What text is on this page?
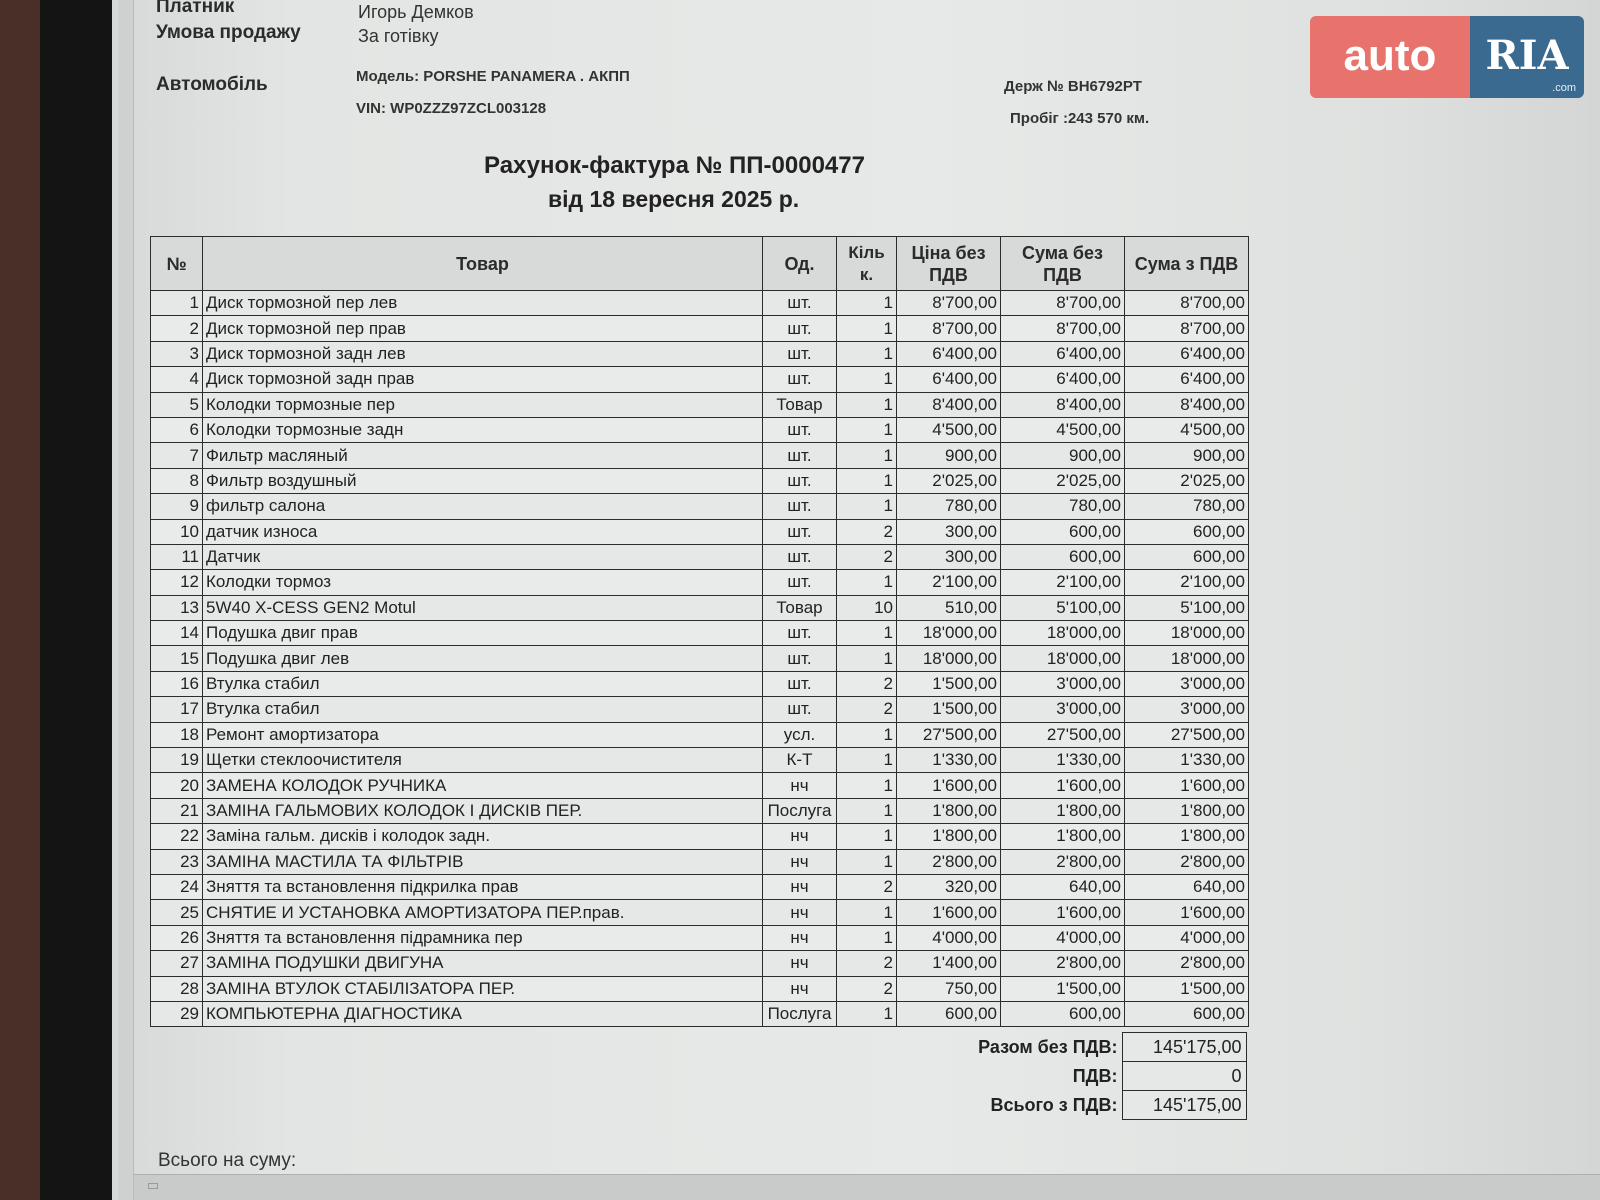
Платник	Игорь Демков
Умова продажу	За готівку
Автомобіль	Модель: PORSHE PANAMERA . АКПП
VIN: WP0ZZZ97ZCL003128
Держ № ВН6792РТ
Пробіг :243 570 км.
auto	RIA
.com
Рахунок-фактура № ПП-0000477
від 18 вересня 2025 р.
№	Товар	Од.	Кіль к.	Ціна без ПДВ	Сума без ПДВ	Сума з ПДВ
1	Диск тормозной пер лев	шт.	1	8'700,00	8'700,00	8'700,00
2	Диск тормозной пер прав	шт.	1	8'700,00	8'700,00	8'700,00
3	Диск тормозной задн лев	шт.	1	6'400,00	6'400,00	6'400,00
4	Диск тормозной задн прав	шт.	1	6'400,00	6'400,00	6'400,00
5	Колодки тормозные пер	Товар	1	8'400,00	8'400,00	8'400,00
6	Колодки тормозные задн	шт.	1	4'500,00	4'500,00	4'500,00
7	Фильтр масляный	шт.	1	900,00	900,00	900,00
8	Фильтр воздушный	шт.	1	2'025,00	2'025,00	2'025,00
9	фильтр салона	шт.	1	780,00	780,00	780,00
10	датчик износа	шт.	2	300,00	600,00	600,00
11	Датчик	шт.	2	300,00	600,00	600,00
12	Колодки тормоз	шт.	1	2'100,00	2'100,00	2'100,00
13	5W40 X-CESS GEN2 Motul	Товар	10	510,00	5'100,00	5'100,00
14	Подушка двиг прав	шт.	1	18'000,00	18'000,00	18'000,00
15	Подушка двиг лев	шт.	1	18'000,00	18'000,00	18'000,00
16	Втулка стабил	шт.	2	1'500,00	3'000,00	3'000,00
17	Втулка стабил	шт.	2	1'500,00	3'000,00	3'000,00
18	Ремонт амортизатора	усл.	1	27'500,00	27'500,00	27'500,00
19	Щетки стеклоочистителя	К-Т	1	1'330,00	1'330,00	1'330,00
20	ЗАМЕНА КОЛОДОК РУЧНИКА	нч	1	1'600,00	1'600,00	1'600,00
21	ЗАМІНА ГАЛЬМОВИХ КОЛОДОК І ДИСКІВ ПЕР.	Послуга	1	1'800,00	1'800,00	1'800,00
22	Заміна гальм. дисків і колодок задн.	нч	1	1'800,00	1'800,00	1'800,00
23	ЗАМІНА МАСТИЛА ТА ФІЛЬТРІВ	нч	1	2'800,00	2'800,00	2'800,00
24	Зняття та встановлення підкрилка прав	нч	2	320,00	640,00	640,00
25	СНЯТИЕ И УСТАНОВКА АМОРТИЗАТОРА ПЕР.прав.	нч	1	1'600,00	1'600,00	1'600,00
26	Зняття та встановлення підрамника пер	нч	1	4'000,00	4'000,00	4'000,00
27	ЗАМІНА ПОДУШКИ ДВИГУНА	нч	2	1'400,00	2'800,00	2'800,00
28	ЗАМІНА ВТУЛОК СТАБІЛІЗАТОРА ПЕР.	нч	2	750,00	1'500,00	1'500,00
29	КОМПЬЮТЕРНА ДІАГНОСТИКА	Послуга	1	600,00	600,00	600,00
Разом без ПДВ:	145'175,00
ПДВ:	0
Всього з ПДВ:	145'175,00
Всього на суму:
